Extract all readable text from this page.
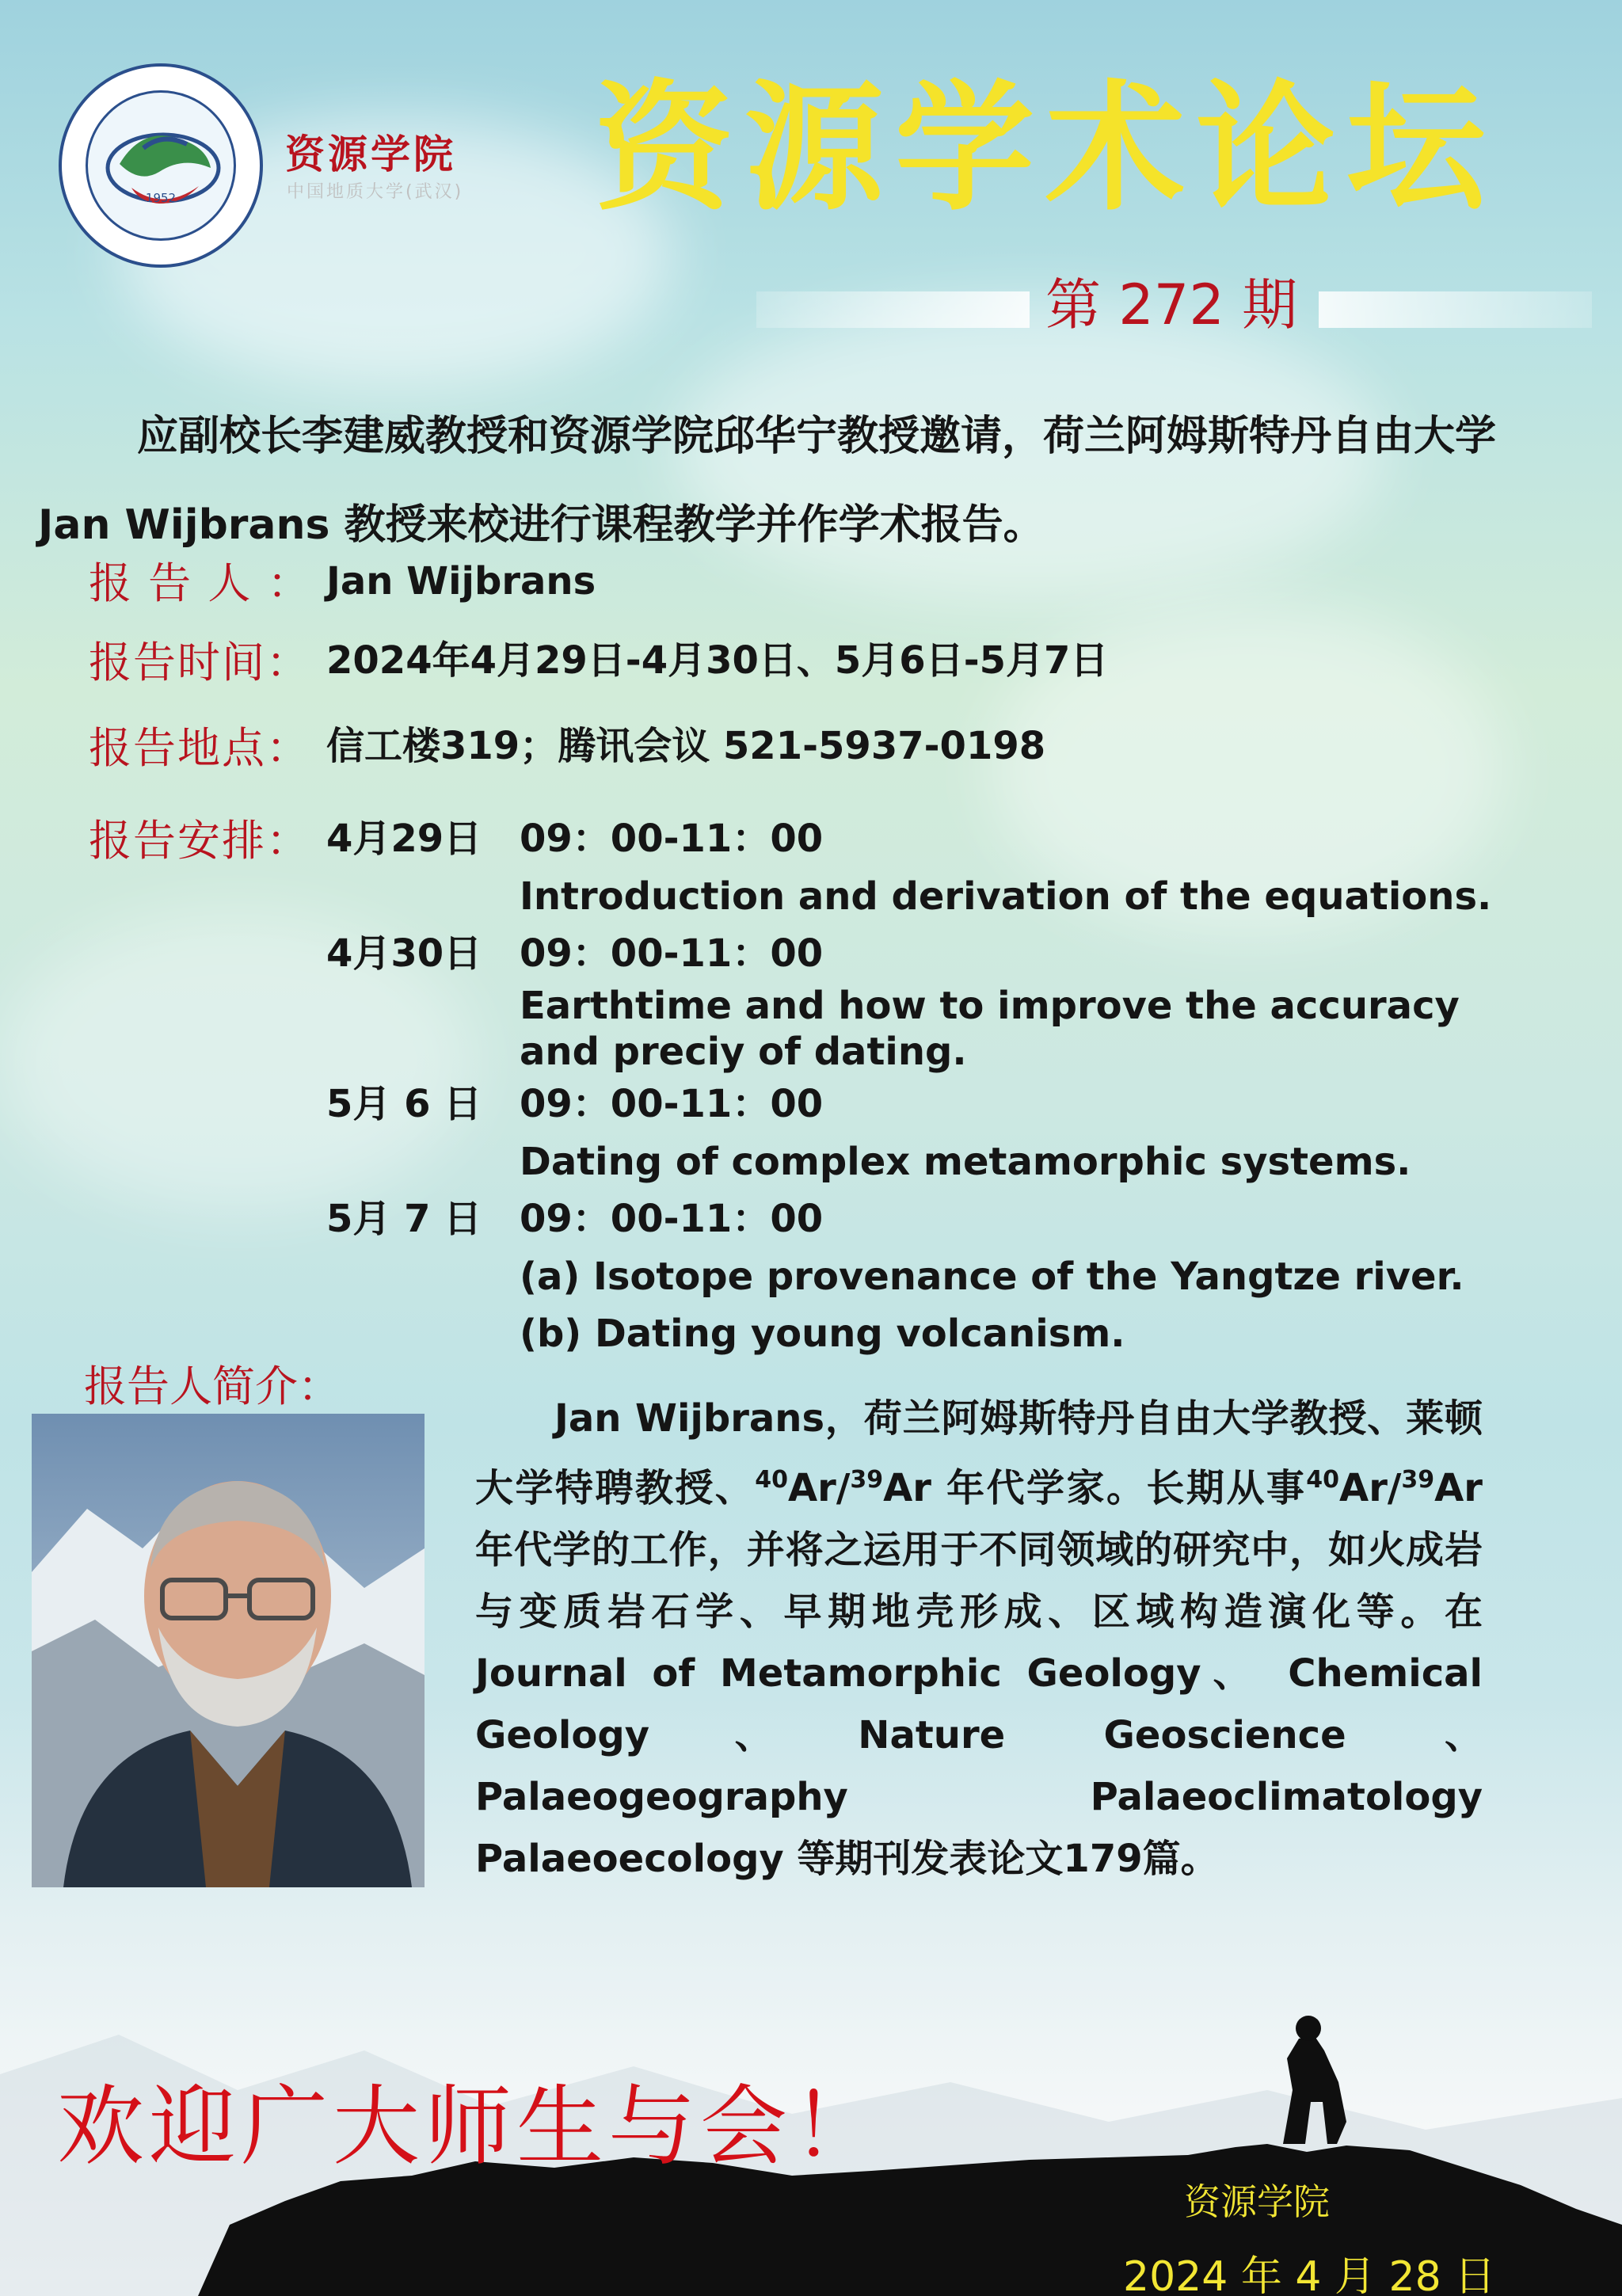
1952
资源学院
中国地质大学(武汉) 资源学术论坛
第 272 期
应副校长李建威教授和资源学院邱华宁教授邀请，荷兰阿姆斯特丹自由大学 Jan Wijbrans 教授来校进行课程教学并作学术报告。
报 告 人 ： Jan Wijbrans
报告时间： 2024年4月29日-4月30日、5月6日-5月7日
报告地点： 信工楼319；腾讯会议 521-5937-0198
报告安排： 4月29日 09：00-11：00
Introduction and derivation of the equations.
4月30日 09：00-11：00
Earthtime and how to improve the accuracy
and preciy of dating.
5月 6 日 09：00-11：00
Dating of complex metamorphic systems.
5月 7 日 09：00-11：00
(a) Isotope provenance of the Yangtze river.
(b) Dating young volcanism.
报告人简介：
Jan Wijbrans，荷兰阿姆斯特丹自由大学教授、莱顿大学特聘教授、$^{40}$Ar/$^{39}$Ar 年代学家。长期从事$^{40}$Ar/$^{39}$Ar 年代学的工作，并将之运用于不同领域的研究中，如火成岩与变质岩石学、早期地壳形成、区域构造演化等。在 Journal of Metamorphic Geology、 Chemical Geology、Nature Geoscience 、 Palaeogeography Palaeoclimatology Palaeoecology 等期刊发表论文179篇。
欢迎广大师生与会！
资源学院
2024 年 4 月 28 日
